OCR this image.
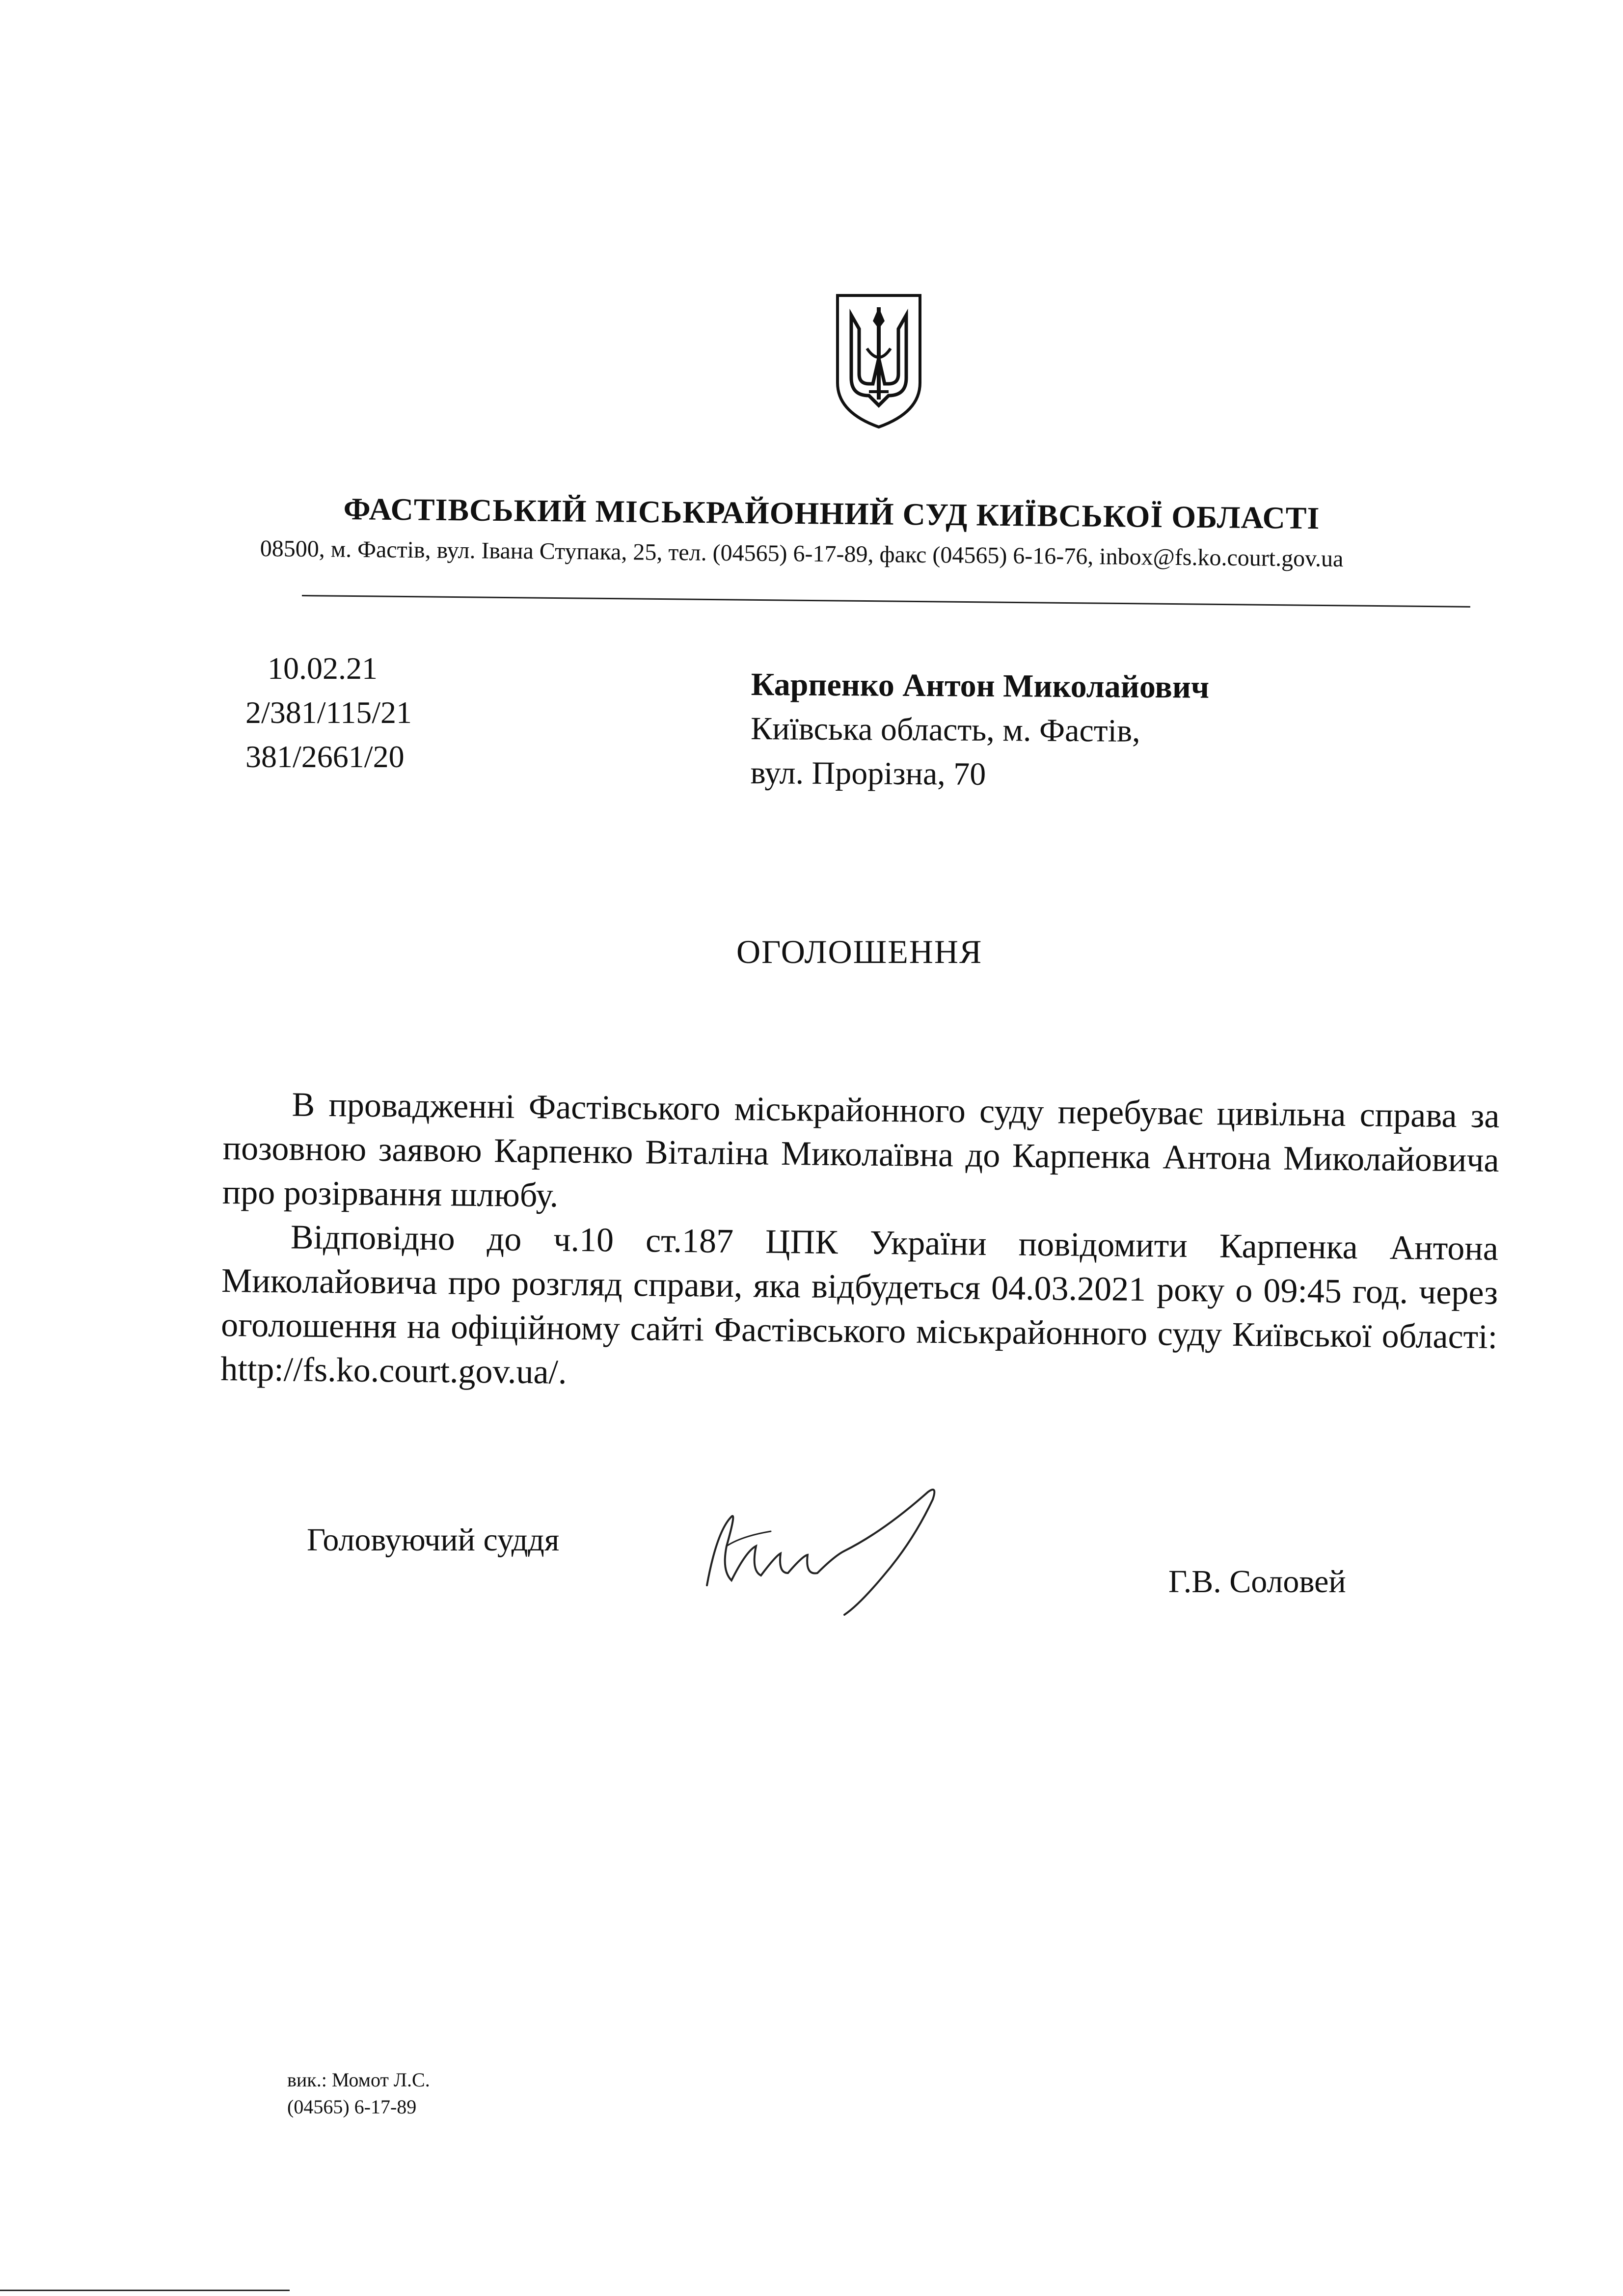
ФАСТІВСЬКИЙ МІСЬКРАЙОННИЙ СУД КИЇВСЬКОЇ ОБЛАСТІ
08500, м. Фастів, вул. Івана Ступака, 25, тел. (04565) 6-17-89, факс (04565) 6-16-76, inbox@fs.ko.court.gov.ua
10.02.21
2/381/115/21
381/2661/20
Карпенко Антон Миколайович
Київська область, м. Фастів,
вул. Прорізна, 70
ОГОЛОШЕННЯ

В провадженні Фастівського міськрайонного суду перебуває цивільна справа за позовною заявою Карпенко Віталіна Миколаївна до Карпенка Антона Миколайовича про розірвання шлюбу.

Відповідно до ч.10 ст.187 ЦПК України повідомити Карпенка Антона Миколайовича про розгляд справи, яка відбудеться 04.03.2021 року о 09:45 год. через оголошення на офіційному сайті Фастівського міськрайонного суду Київської області: http://fs.ko.court.gov.ua/.

Головуючий суддя
Г.В. Соловей
вик.: Момот Л.С.
(04565) 6-17-89
